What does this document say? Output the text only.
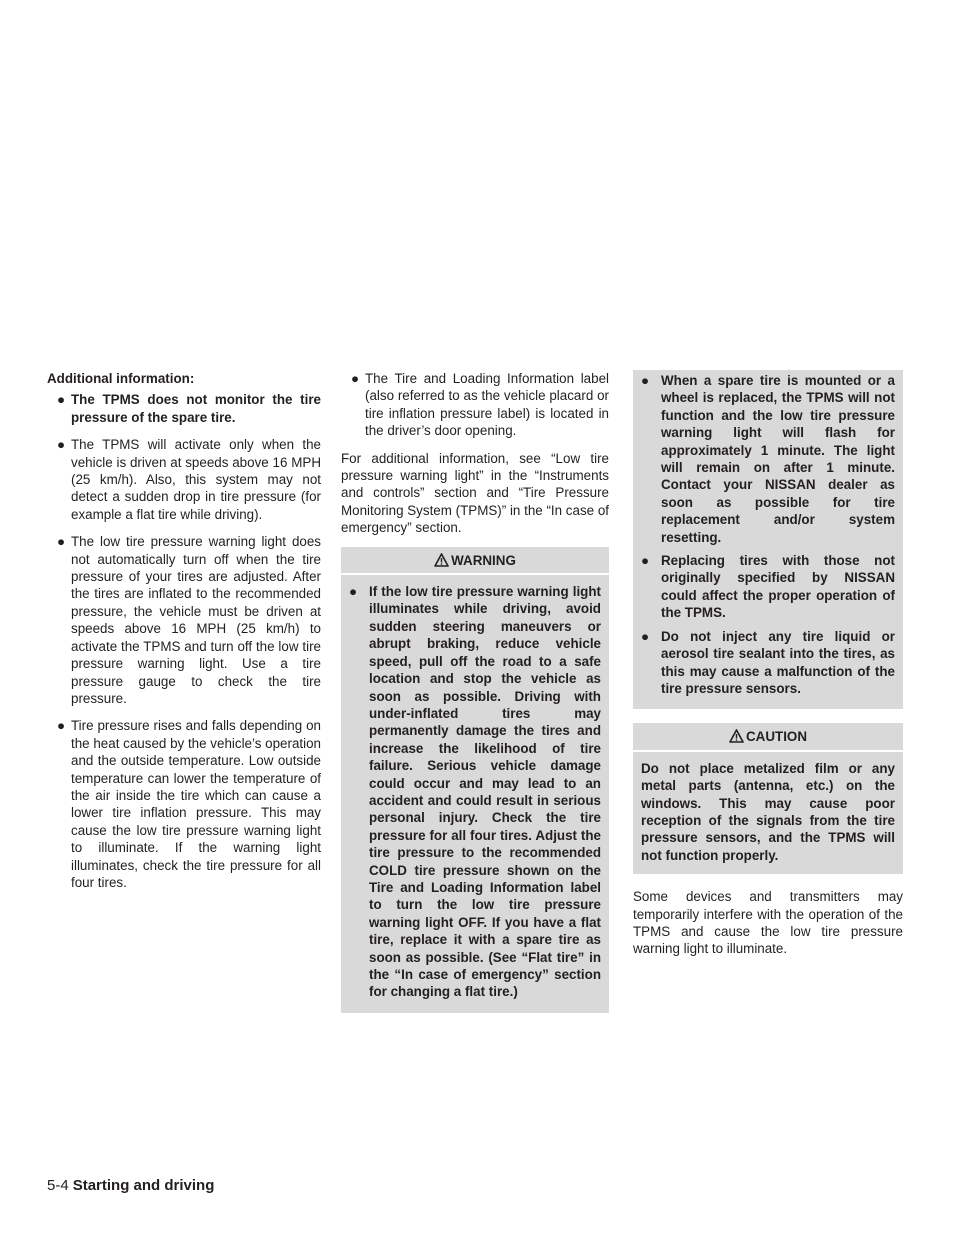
Additional information:
● The TPMS does not monitor the tire pressure of the spare tire.
● The TPMS will activate only when the vehicle is driven at speeds above 16 MPH (25 km/h). Also, this system may not detect a sudden drop in tire pressure (for example a flat tire while driving).
● The low tire pressure warning light does not automatically turn off when the tire pressure of your tires are adjusted. After the tires are inflated to the recommended pressure, the vehicle must be driven at speeds above 16 MPH (25 km/h) to activate the TPMS and turn off the low tire pressure warning light. Use a tire pressure gauge to check the tire pressure.
● Tire pressure rises and falls depending on the heat caused by the vehicle’s operation and the outside temperature. Low outside temperature can lower the temperature of the air inside the tire which can cause a lower tire inflation pressure. This may cause the low tire pressure warning light to illuminate. If the warning light illuminates, check the tire pressure for all four tires.
● The Tire and Loading Information label (also referred to as the vehicle placard or tire inflation pressure label) is located in the driver’s door opening.
For additional information, see “Low tire pressure warning light” in the “Instruments and controls” section and “Tire Pressure Monitoring System (TPMS)” in the “In case of emergency” section.
WARNING
● If the low tire pressure warning light illuminates while driving, avoid sudden steering maneuvers or abrupt braking, reduce vehicle speed, pull off the road to a safe location and stop the vehicle as soon as possible. Driving with under-inflated tires may permanently damage the tires and increase the likelihood of tire failure. Serious vehicle damage could occur and may lead to an accident and could result in serious personal injury. Check the tire pressure for all four tires. Adjust the tire pressure to the recommended COLD tire pressure shown on the Tire and Loading Information label to turn the low tire pressure warning light OFF. If you have a flat tire, replace it with a spare tire as soon as possible. (See “Flat tire” in the “In case of emergency” section for changing a flat tire.)
● When a spare tire is mounted or a wheel is replaced, the TPMS will not function and the low tire pressure warning light will flash for approximately 1 minute. The light will remain on after 1 minute. Contact your NISSAN dealer as soon as possible for tire replacement and/or system resetting.
● Replacing tires with those not originally specified by NISSAN could affect the proper operation of the TPMS.
● Do not inject any tire liquid or aerosol tire sealant into the tires, as this may cause a malfunction of the tire pressure sensors.
CAUTION
Do not place metalized film or any metal parts (antenna, etc.) on the windows. This may cause poor reception of the signals from the tire pressure sensors, and the TPMS will not function properly.
Some devices and transmitters may temporarily interfere with the operation of the TPMS and cause the low tire pressure warning light to illuminate.
5-4 Starting and driving
